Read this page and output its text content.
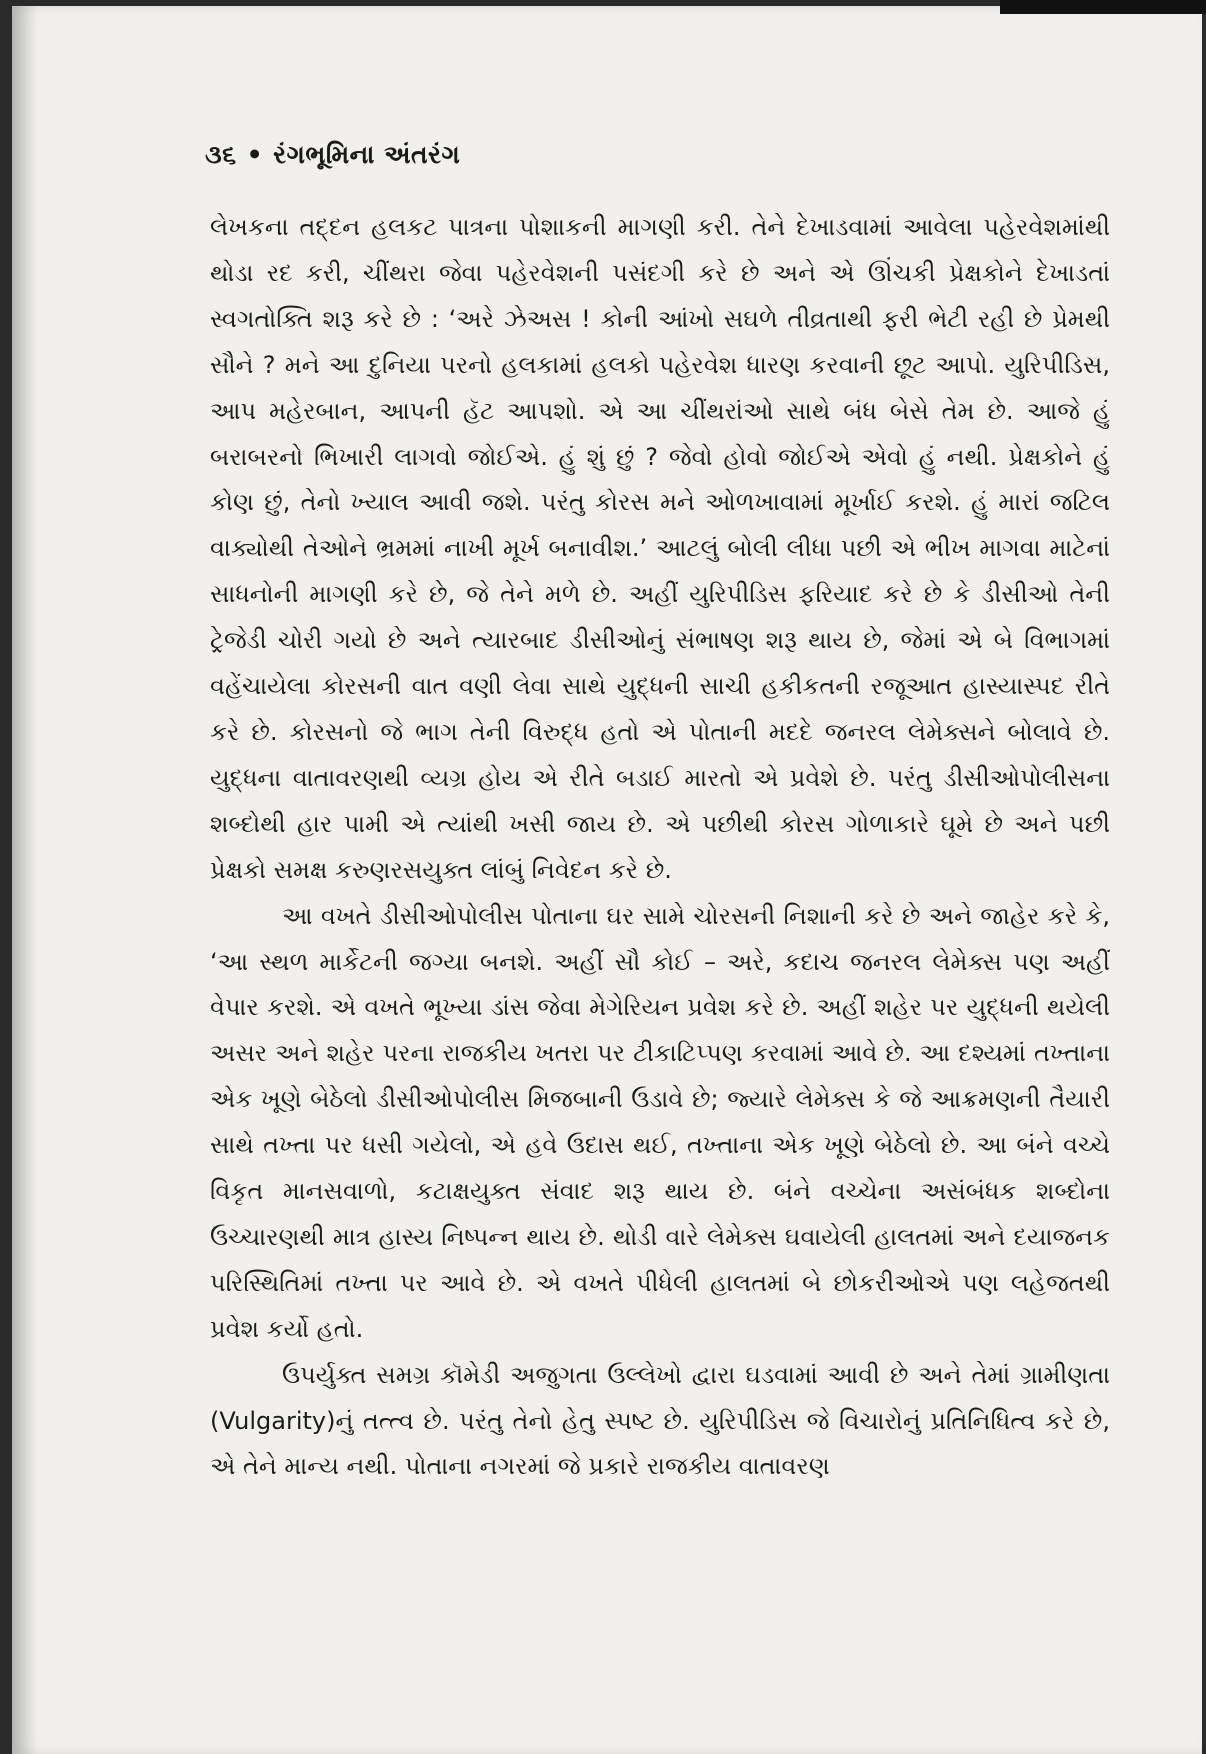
૩૬ • રંગભૂમિના અંતરંગ

લેખકના તદ્દન હલકટ પાત્રના પોશાકની માગણી કરી. તેને દેખાડવામાં આવેલા પહેરવેશમાંથી થોડા રદ કરી, ચીંથરા જેવા પહેરવેશની પસંદગી કરે છે અને એ ઊંચકી પ્રેક્ષકોને દેખાડતાં સ્વગતોક્તિ શરૂ કરે છે : ‘અરે ઝેઅસ ! કોની આંખો સઘળે તીવ્રતાથી ફરી ભેટી રહી છે પ્રેમથી સૌને ? મને આ દુનિયા પરનો હલકામાં હલકો પહેરવેશ ધારણ કરવાની છૂટ આપો. યુરિપીડિસ, આપ મહેરબાન, આપની હૅટ આપશો. એ આ ચીંથરાંઓ સાથે બંધ બેસે તેમ છે. આજે હું બરાબરનો ભિખારી લાગવો જોઈએ. હું શું છું ? જેવો હોવો જોઈએ એવો હું નથી. પ્રેક્ષકોને હું કોણ છું, તેનો ખ્યાલ આવી જશે. પરંતુ કોરસ મને ઓળખાવામાં મૂર્ખાઈ કરશે. હું મારાં જટિલ વાક્યોથી તેઓને ભ્રમમાં નાખી મૂર્ખ બનાવીશ.’ આટલું બોલી લીધા પછી એ ભીખ માગવા માટેનાં સાધનોની માગણી કરે છે, જે તેને મળે છે. અહીં યુરિપીડિસ ફરિયાદ કરે છે કે ડીસીઓ તેની ટ્રેજેડી ચોરી ગયો છે અને ત્યારબાદ ડીસીઓનું સંભાષણ શરૂ થાય છે, જેમાં એ બે વિભાગમાં વહેંચાયેલા કોરસની વાત વણી લેવા સાથે યુદ્ધની સાચી હકીકતની રજૂઆત હાસ્યાસ્પદ રીતે કરે છે. કોરસનો જે ભાગ તેની વિરુદ્ધ હતો એ પોતાની મદદે જનરલ લેમેક્સને બોલાવે છે. યુદ્ધના વાતાવરણથી વ્યગ્ર હોય એ રીતે બડાઈ મારતો એ પ્રવેશે છે. પરંતુ ડીસીઓપોલીસના શબ્દોથી હાર પામી એ ત્યાંથી ખસી જાય છે. એ પછીથી કોરસ ગોળાકારે ઘૂમે છે અને પછી પ્રેક્ષકો સમક્ષ કરુણરસયુક્ત લાંબું નિવેદન કરે છે.

આ વખતે ડીસીઓપોલીસ પોતાના ઘર સામે ચોરસની નિશાની કરે છે અને જાહેર કરે કે, ‘આ સ્થળ માર્કેટની જગ્યા બનશે. અહીં સૌ કોઈ – અરે, કદાચ જનરલ લેમેક્સ પણ અહીં વેપાર કરશે. એ વખતે ભૂખ્યા ડાંસ જેવા મેગેરિયન પ્રવેશ કરે છે. અહીં શહેર પર યુદ્ધની થયેલી અસર અને શહેર પરના રાજકીય ખતરા પર ટીકાટિપ્પણ કરવામાં આવે છે. આ દશ્યમાં તખ્તાના એક ખૂણે બેઠેલો ડીસીઓપોલીસ મિજબાની ઉડાવે છે; જ્યારે લેમેક્સ કે જે આક્રમણની તૈયારી સાથે તખ્તા પર ધસી ગયેલો, એ હવે ઉદાસ થઈ, તખ્તાના એક ખૂણે બેઠેલો છે. આ બંને વચ્ચે વિકૃત માનસવાળો, કટાક્ષયુક્ત સંવાદ શરૂ થાય છે. બંને વચ્ચેના અસંબંધક શબ્દોના ઉચ્ચારણથી માત્ર હાસ્ય નિષ્પન્ન થાય છે. થોડી વારે લેમેક્સ ઘવાયેલી હાલતમાં અને દયાજનક પરિસ્થિતિમાં તખ્તા પર આવે છે. એ વખતે પીધેલી હાલતમાં બે છોકરીઓએ પણ લહેજતથી પ્રવેશ કર્યો હતો.

ઉપર્યુક્ત સમગ્ર કૉમેડી અજુગતા ઉલ્લેખો દ્વારા ઘડવામાં આવી છે અને તેમાં ગ્રામીણતા (Vulgarity)નું તત્ત્વ છે. પરંતુ તેનો હેતુ સ્પષ્ટ છે. યુરિપીડિસ જે વિચારોનું પ્રતિનિધિત્વ કરે છે, એ તેને માન્ય નથી. પોતાના નગરમાં જે પ્રકારે રાજકીય વાતાવરણ
